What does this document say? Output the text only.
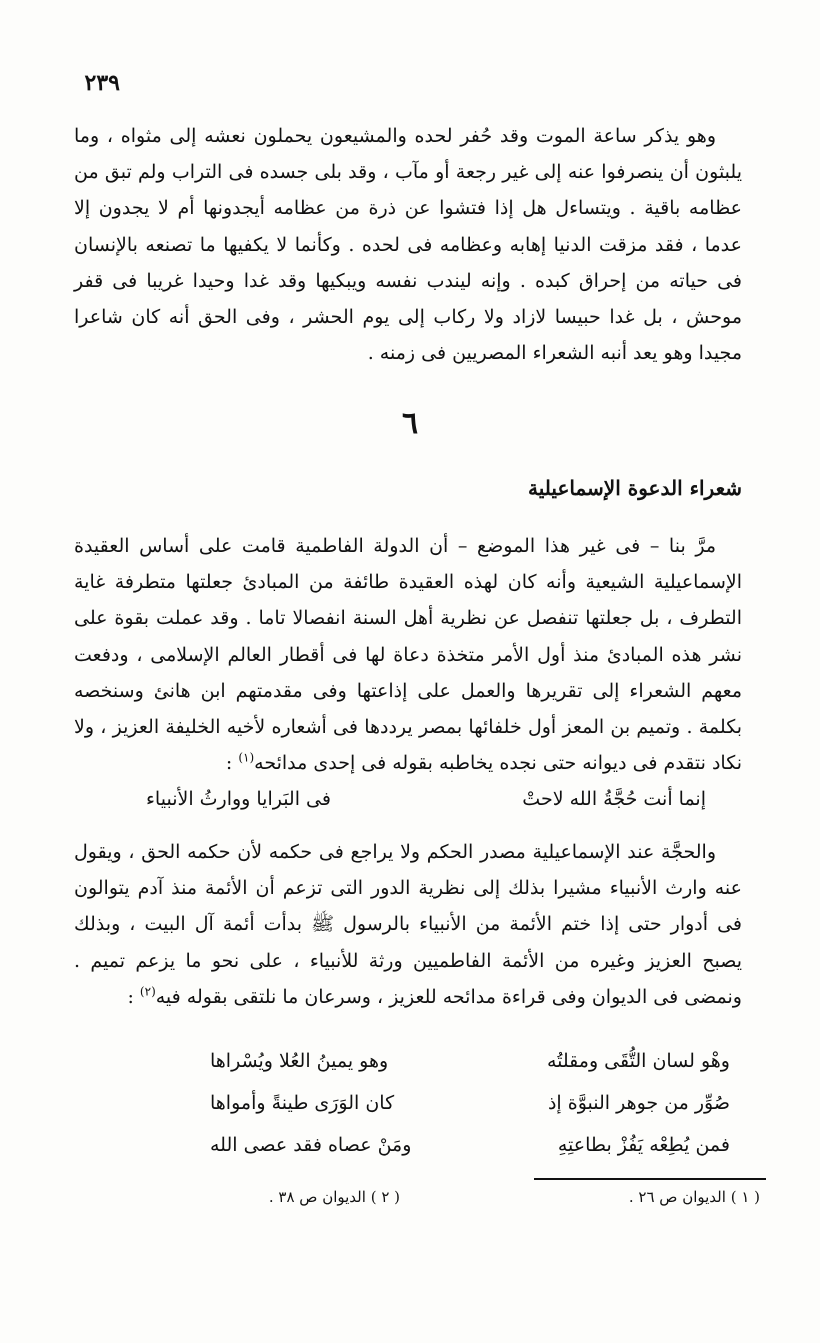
٢٣٩

وهو يذكر ساعة الموت وقد حُفر لحده والمشيعون يحملون نعشه إلى مثواه ، وما يلبثون أن ينصرفوا عنه إلى غير رجعة أو مآب ، وقد بلى جسده فى التراب ولم تبق من عظامه باقية . ويتساءل هل إذا فتشوا عن ذرة من عظامه أيجدونها أم لا يجدون إلا عدما ، فقد مزقت الدنيا إهابه وعظامه فى لحده . وكأنما لا يكفيها ما تصنعه بالإنسان فى حياته من إحراق كبده . وإنه ليندب نفسه ويبكيها وقد غدا وحيدا غريبا فى قفر موحش ، بل غدا حبيسا لازاد ولا ركاب إلى يوم الحشر ، وفى الحق أنه كان شاعرا مجيدا وهو يعد أنبه الشعراء المصريين فى زمنه .

٦
شعراء الدعوة الإسماعيلية

مرَّ بنا – فى غير هذا الموضع – أن الدولة الفاطمية قامت على أساس العقيدة الإسماعيلية الشيعية وأنه كان لهذه العقيدة طائفة من المبادئ جعلتها متطرفة غاية التطرف ، بل جعلتها تنفصل عن نظرية أهل السنة انفصالا تاما . وقد عملت بقوة على نشر هذه المبادئ منذ أول الأمر متخذة دعاة لها فى أقطار العالم الإسلامى ، ودفعت معهم الشعراء إلى تقريرها والعمل على إذاعتها وفى مقدمتهم ابن هانئ وسنخصه بكلمة . وتميم بن المعز أول خلفائها بمصر يرددها فى أشعاره لأخيه الخليفة العزيز ، ولا نكاد نتقدم فى ديوانه حتى نجده يخاطبه بقوله فى إحدى مدائحه$^{(١)}$ :

إنما أنت حُجَّةُ الله لاحتْ
فى البَرايا ووارثُ الأنبياء

والحجَّة عند الإسماعيلية مصدر الحكم ولا يراجع فى حكمه لأن حكمه الحق ، ويقول عنه وارث الأنبياء مشيرا بذلك إلى نظرية الدور التى تزعم أن الأئمة منذ آدم يتوالون فى أدوار حتى إذا ختم الأئمة من الأنبياء بالرسول ﷺ بدأت أئمة آل البيت ، وبذلك يصبح العزيز وغيره من الأئمة الفاطميين ورثة للأنبياء ، على نحو ما يزعم تميم . ونمضى فى الديوان وفى قراءة مدائحه للعزيز ، وسرعان ما نلتقى بقوله فيه$^{(٢)}$ :

وهْو لسان التُّقَى ومقلتُه
وهو يمينُ العُلا ويُسْراها
صُوِّر من جوهر النبوَّة إذ
كان الوَرَى طينةً وأمواها
فمن يُطِعْه يَفُزْ بطاعتِهِ
ومَنْ عصاه فقد عصى الله
( ١ ) الديوان ص ٢٦ .
( ٢ ) الديوان ص ٣٨ .
